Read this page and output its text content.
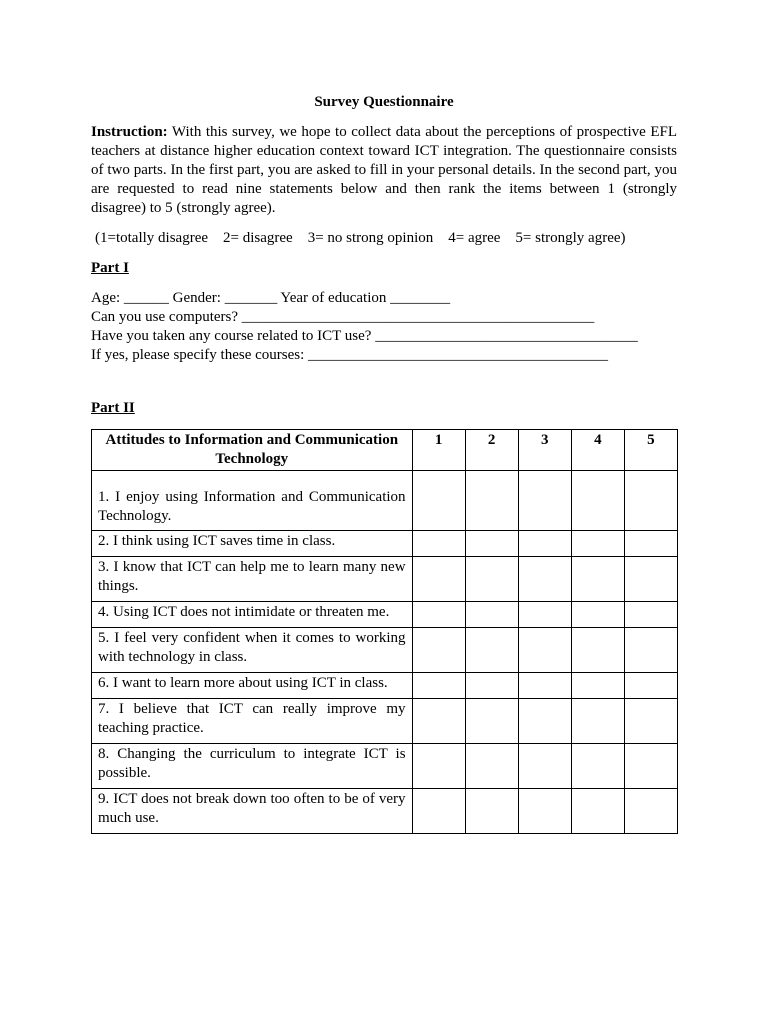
Survey Questionnaire

Instruction: With this survey, we hope to collect data about the perceptions of prospective EFL teachers at distance higher education context toward ICT integration. The questionnaire consists of two parts. In the first part, you are asked to fill in your personal details. In the second part, you are requested to read nine statements below and then rank the items between 1 (strongly disagree) to 5 (strongly agree).

(1=totally disagree    2= disagree    3= no strong opinion    4= agree    5= strongly agree)
Part I
Age: ______ Gender: _______ Year of education ________
Can you use computers? _______________________________________________
Have you taken any course related to ICT use? ___________________________________
If yes, please specify these courses: ________________________________________
Part II
Attitudes to Information and Communication Technology	1	2	3	4	5
1. I enjoy using Information and Communication Technology.					
2. I think using ICT saves time in class.					
3. I know that ICT can help me to learn many new things.					
4. Using ICT does not intimidate or threaten me.					
5. I feel very confident when it comes to working with technology in class.					
6. I want to learn more about using ICT in class.					
7. I believe that ICT can really improve my teaching practice.					
8. Changing the curriculum to integrate ICT is possible.					
9. ICT does not break down too often to be of very much use.					
